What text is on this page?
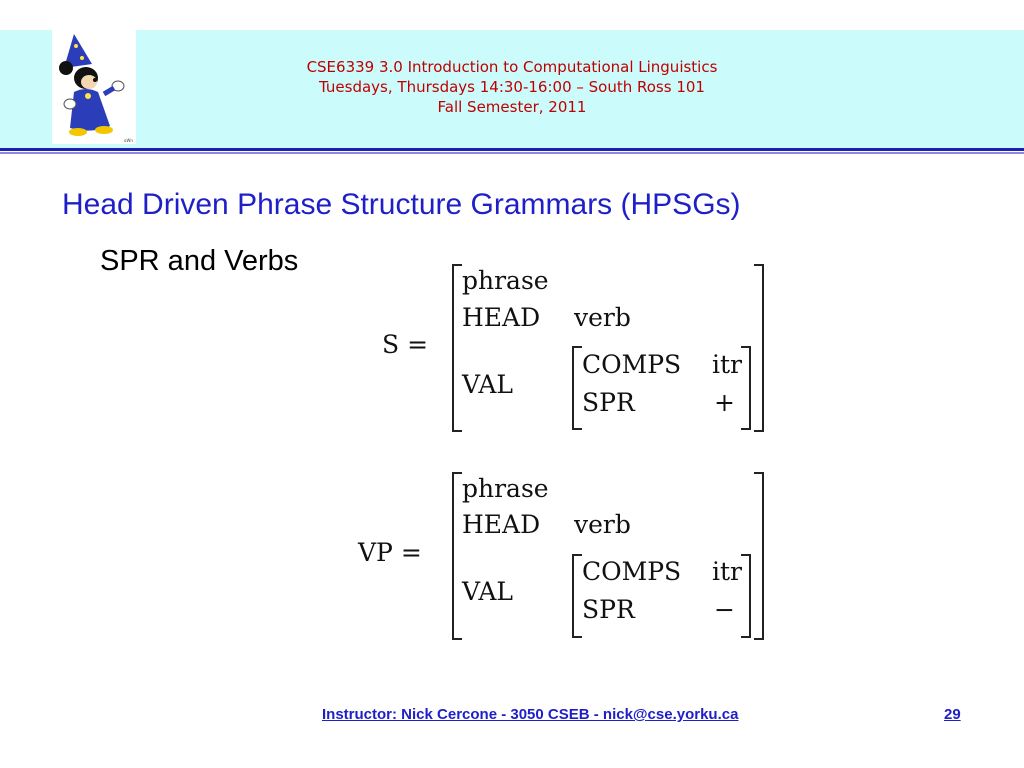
oWn
CSE6339 3.0 Introduction to Computational Linguistics
Tuesdays, Thursdays 14:30-16:00 – South Ross 101
Fall Semester, 2011
Head Driven Phrase Structure Grammars (HPSGs)
SPR and Verbs
S =
phrase
HEAD verb
VAL
COMPS itr
SPR	+
VP =
phrase
HEAD verb
VAL
COMPS itr
SPR	−
Instructor: Nick Cercone - 3050 CSEB - nick@cse.yorku.ca	29
